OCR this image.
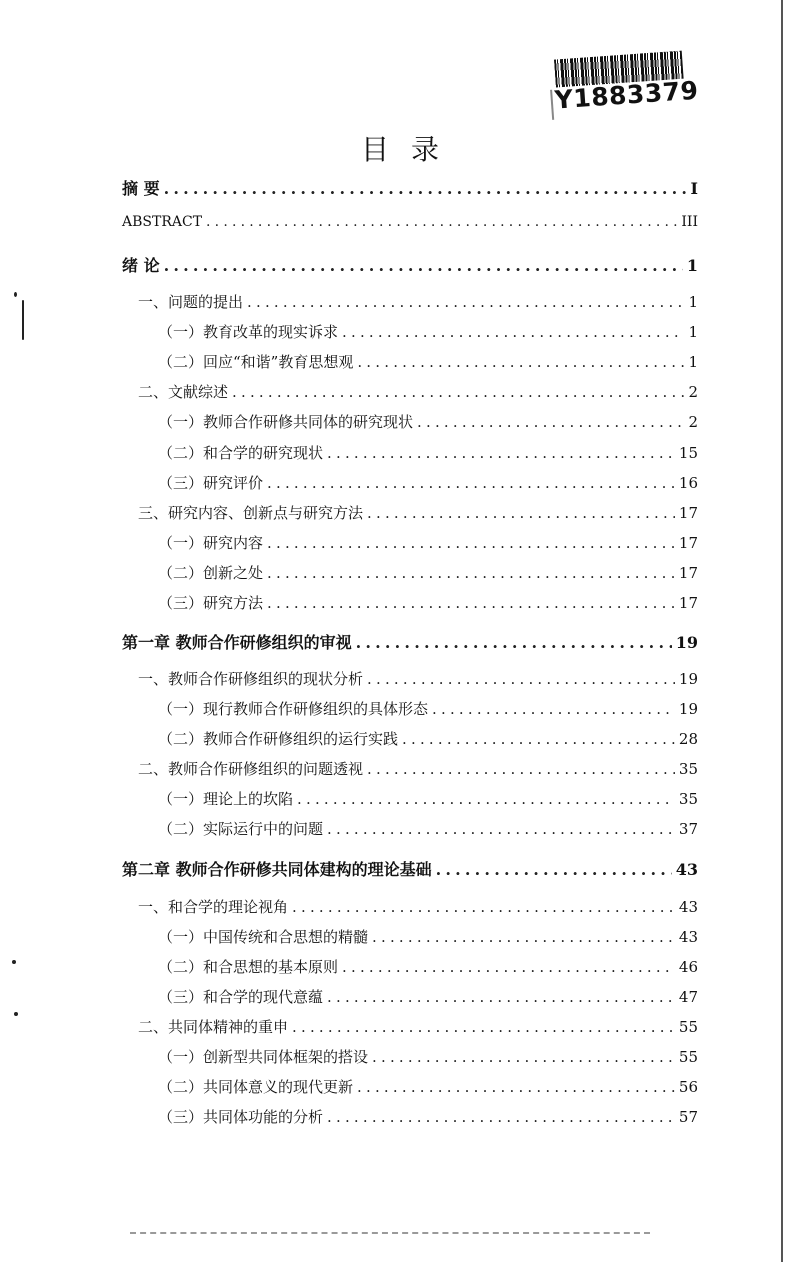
Y1883379
目录
摘 要 .....	I
ABSTRACT .....	III
绪 论 .....	1
一、问题的提出 .....	1
（一）教育改革的现实诉求 .....	1
（二）回应“和谐”教育思想观 .....	1
二、文献综述 .....	2
（一）教师合作研修共同体的研究现状 .....	2
（二）和合学的研究现状 .....	15
（三）研究评价 .....	16
三、研究内容、创新点与研究方法 .....	17
（一）研究内容 .....	17
（二）创新之处 .....	17
（三）研究方法 .....	17
第一章 教师合作研修组织的审视 .....	19
一、教师合作研修组织的现状分析 .....	19
（一）现行教师合作研修组织的具体形态 .....	19
（二）教师合作研修组织的运行实践 .....	28
二、教师合作研修组织的问题透视 .....	35
（一）理论上的坎陷 .....	35
（二）实际运行中的问题 .....	37
第二章 教师合作研修共同体建构的理论基础 .....	43
一、和合学的理论视角 .....	43
（一）中国传统和合思想的精髓 .....	43
（二）和合思想的基本原则 .....	46
（三）和合学的现代意蕴 .....	47
二、共同体精神的重申 .....	55
（一）创新型共同体框架的搭设 .....	55
（二）共同体意义的现代更新 .....	56
（三）共同体功能的分析 .....	57
